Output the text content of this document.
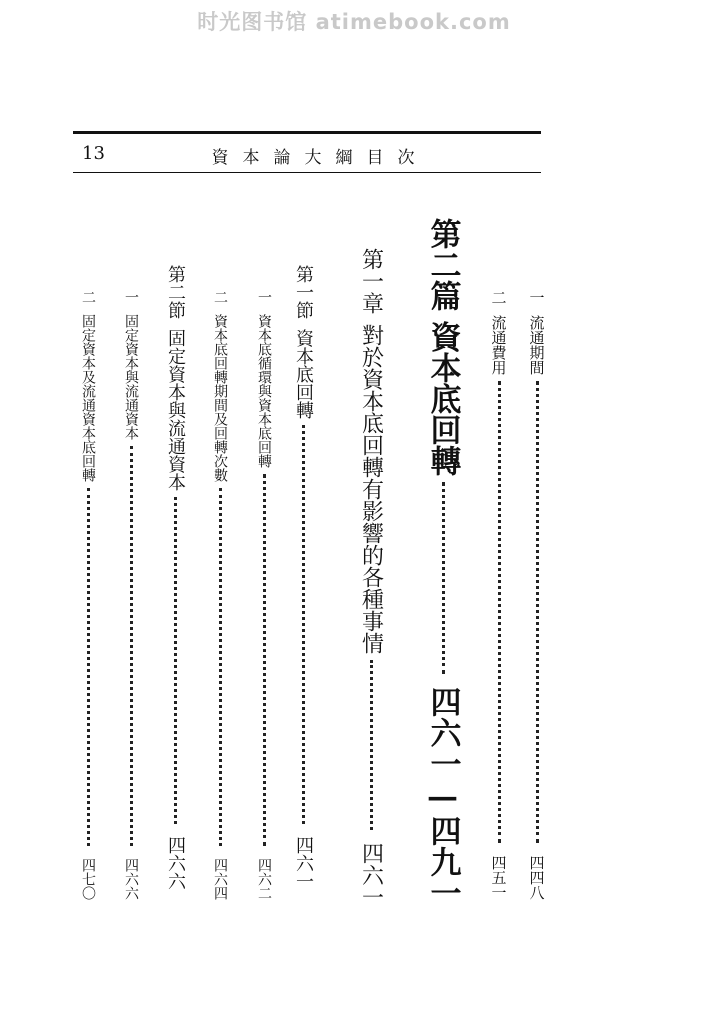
时光图书馆 atimebook.com
13	資本論大綱目次
一
流通期間
四四八
二
流通費用
四五一
第二篇
資本底回轉
四六一—四九一
第一章
對於資本底回轉有影響的各種事情
四六一
第一節
資本底回轉
四六一
一
資本底循環與資本底回轉
四六二
二
資本底回轉期間及回轉次數
四六四
第二節
固定資本與流通資本
四六六
一
固定資本與流通資本
四六六
二
固定資本及流通資本底回轉
四七〇
